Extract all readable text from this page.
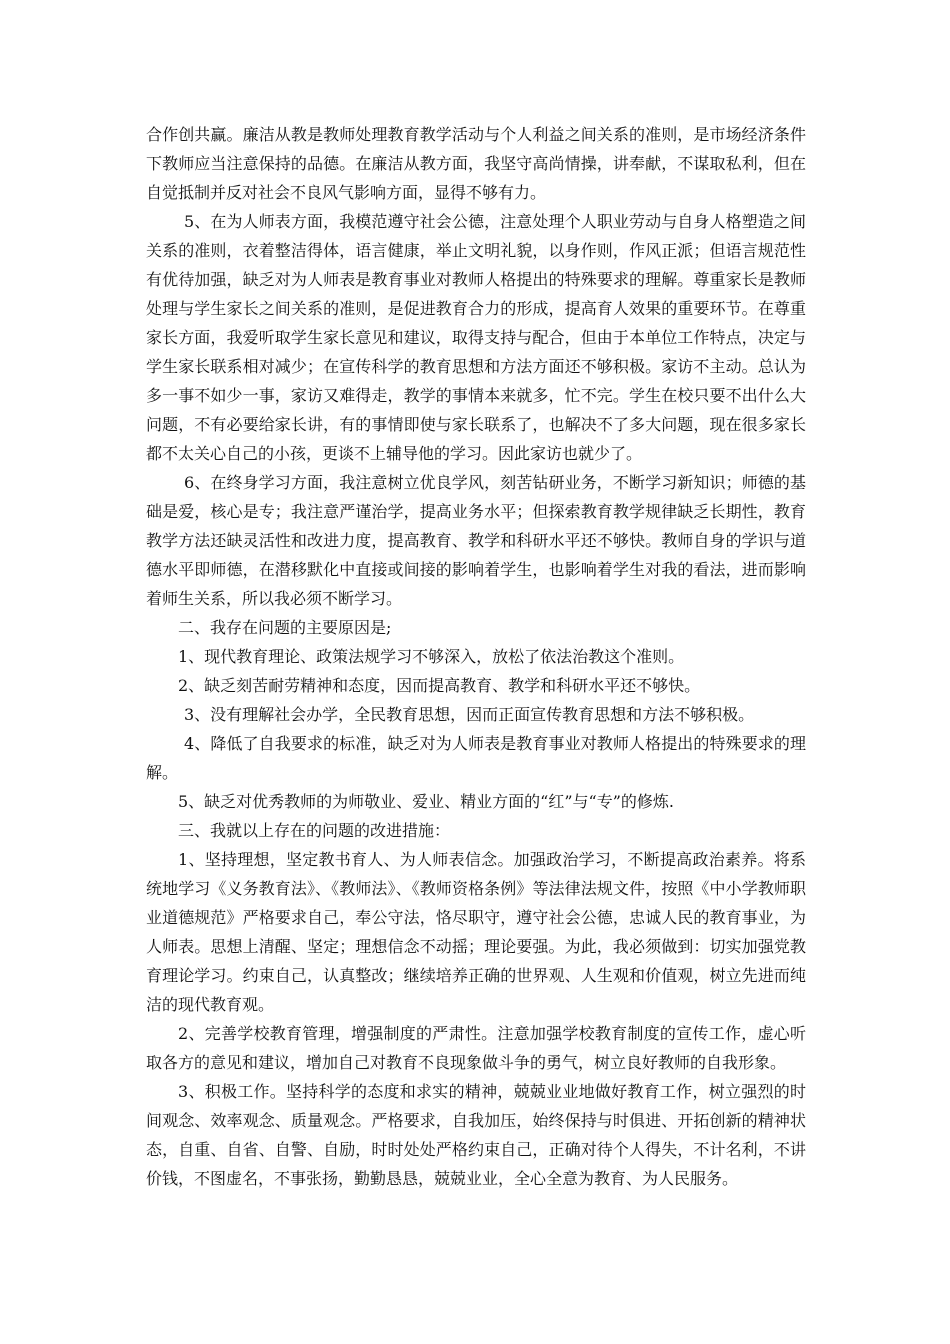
合作创共赢。廉洁从教是教师处理教育教学活动与个人利益之间关系的准则，是市场经济条件下教师应当注意保持的品德。在廉洁从教方面，我坚守高尚情操，讲奉献，不谋取私利，但在自觉抵制并反对社会不良风气影响方面，显得不够有力。

5、在为人师表方面，我模范遵守社会公德，注意处理个人职业劳动与自身人格塑造之间关系的准则，衣着整洁得体，语言健康，举止文明礼貌，以身作则，作风正派；但语言规范性有优待加强，缺乏对为人师表是教育事业对教师人格提出的特殊要求的理解。尊重家长是教师处理与学生家长之间关系的准则，是促进教育合力的形成，提高育人效果的重要环节。在尊重家长方面，我爱听取学生家长意见和建议，取得支持与配合，但由于本单位工作特点，决定与学生家长联系相对减少；在宣传科学的教育思想和方法方面还不够积极。家访不主动。总认为多一事不如少一事，家访又难得走，教学的事情本来就多，忙不完。学生在校只要不出什么大问题，不有必要给家长讲，有的事情即使与家长联系了，也解决不了多大问题，现在很多家长都不太关心自己的小孩，更谈不上辅导他的学习。因此家访也就少了。

6、在终身学习方面，我注意树立优良学风，刻苦钻研业务，不断学习新知识；师德的基础是爱，核心是专；我注意严谨治学，提高业务水平；但探索教育教学规律缺乏长期性，教育教学方法还缺灵活性和改进力度，提高教育、教学和科研水平还不够快。教师自身的学识与道德水平即师德，在潜移默化中直接或间接的影响着学生，也影响着学生对我的看法，进而影响着师生关系，所以我必须不断学习。

二、我存在问题的主要原因是;

1、现代教育理论、政策法规学习不够深入，放松了依法治教这个准则。

2、缺乏刻苦耐劳精神和态度，因而提高教育、教学和科研水平还不够快。

3、没有理解社会办学，全民教育思想，因而正面宣传教育思想和方法不够积极。

4、降低了自我要求的标准，缺乏对为人师表是教育事业对教师人格提出的特殊要求的理解。

5、缺乏对优秀教师的为师敬业、爱业、精业方面的“红”与“专”的修炼.

三、我就以上存在的问题的改进措施：

1、坚持理想，坚定教书育人、为人师表信念。加强政治学习，不断提高政治素养。将系统地学习《义务教育法》、《教师法》、《教师资格条例》等法律法规文件，按照《中小学教师职业道德规范》严格要求自己，奉公守法，恪尽职守，遵守社会公德，忠诚人民的教育事业，为人师表。思想上清醒、坚定；理想信念不动摇；理论要强。为此，我必须做到：切实加强党教育理论学习。约束自己，认真整改；继续培养正确的世界观、人生观和价值观，树立先进而纯洁的现代教育观。

2、完善学校教育管理，增强制度的严肃性。注意加强学校教育制度的宣传工作，虚心听取各方的意见和建议，增加自己对教育不良现象做斗争的勇气，树立良好教师的自我形象。

3、积极工作。坚持科学的态度和求实的精神，兢兢业业地做好教育工作，树立强烈的时间观念、效率观念、质量观念。严格要求，自我加压，始终保持与时俱进、开拓创新的精神状态，自重、自省、自警、自励，时时处处严格约束自己，正确对待个人得失，不计名利，不讲价钱，不图虚名，不事张扬，勤勤恳恳，兢兢业业，全心全意为教育、为人民服务。
